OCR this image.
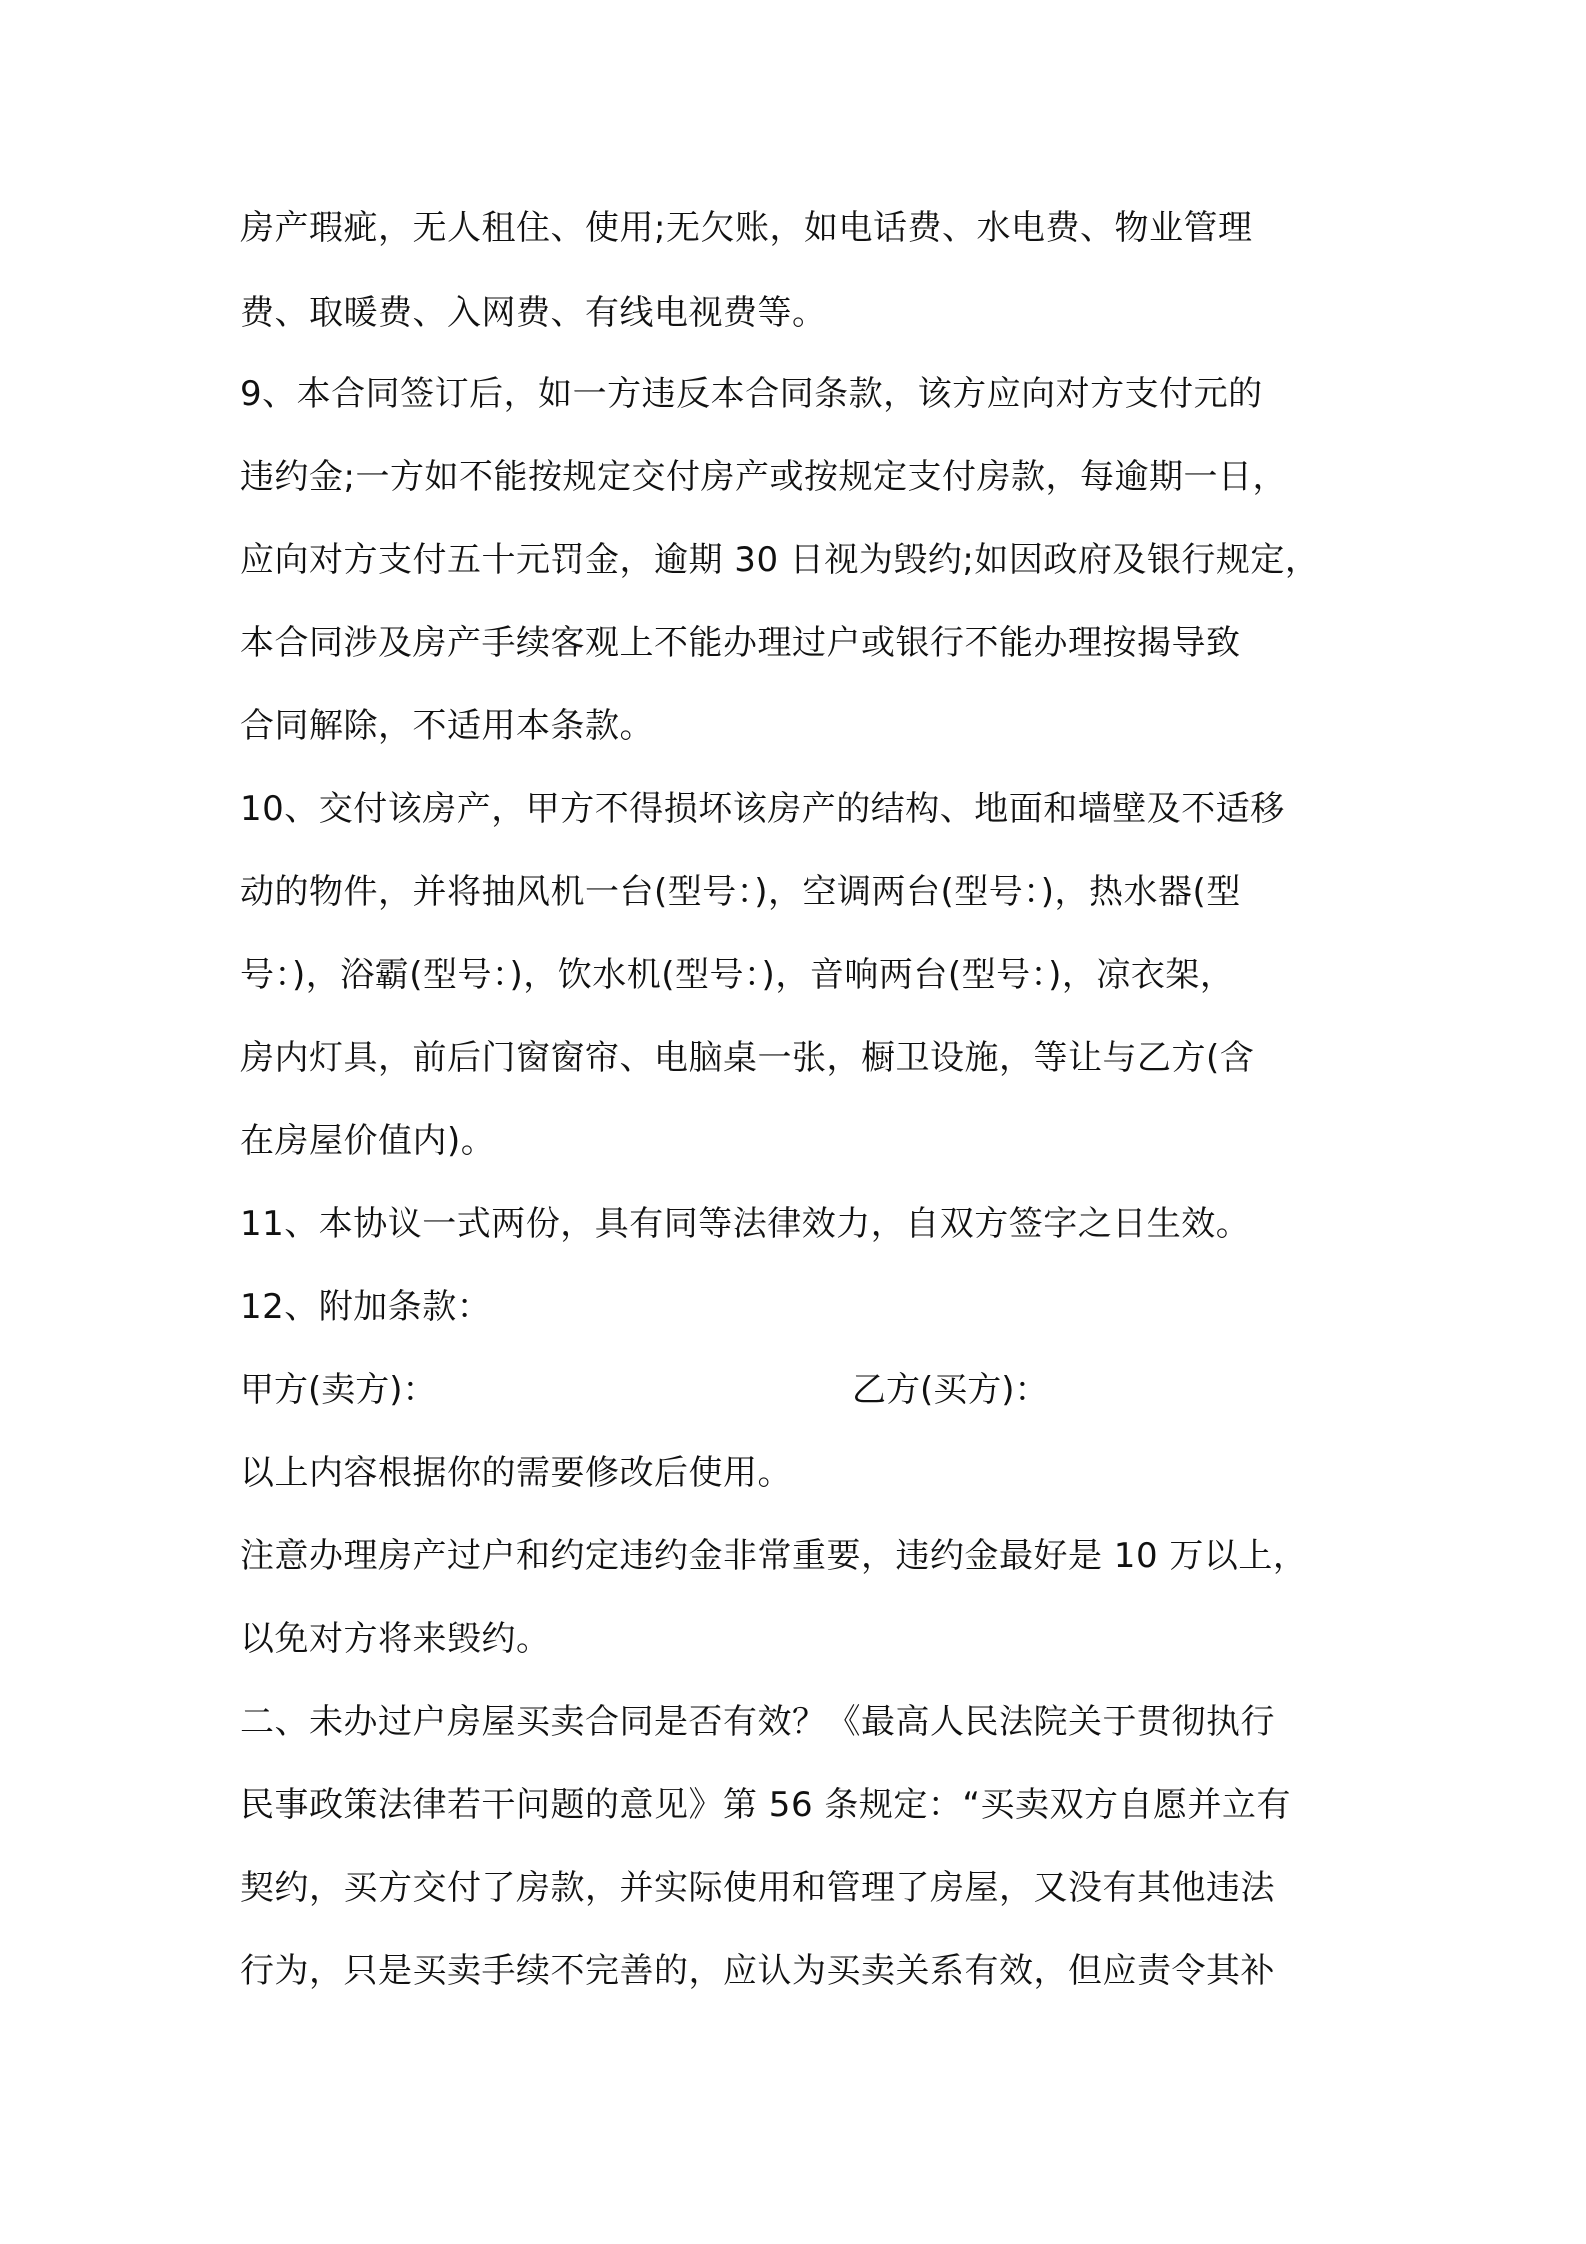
房产瑕疵，无人租住、使用;无欠账，如电话费、水电费、物业管理
费、取暖费、入网费、有线电视费等。
9、本合同签订后，如一方违反本合同条款，该方应向对方支付元的
违约金;一方如不能按规定交付房产或按规定支付房款，每逾期一日，
应向对方支付五十元罚金，逾期 30 日视为毁约;如因政府及银行规定，
本合同涉及房产手续客观上不能办理过户或银行不能办理按揭导致
合同解除，不适用本条款。
10、交付该房产，甲方不得损坏该房产的结构、地面和墙壁及不适移
动的物件，并将抽风机一台(型号：)，空调两台(型号：)，热水器(型
号：)，浴霸(型号：)，饮水机(型号：)，音响两台(型号：)，凉衣架，
房内灯具，前后门窗窗帘、电脑桌一张，橱卫设施，等让与乙方(含
在房屋价值内)。
11、本协议一式两份，具有同等法律效力，自双方签字之日生效。
12、附加条款：
甲方(卖方)：	乙方(买方)：
以上内容根据你的需要修改后使用。
注意办理房产过户和约定违约金非常重要，违约金最好是 10 万以上，
以免对方将来毁约。
二、未办过户房屋买卖合同是否有效？《最高人民法院关于贯彻执行
民事政策法律若干问题的意见》第 56 条规定：“买卖双方自愿并立有
契约，买方交付了房款，并实际使用和管理了房屋，又没有其他违法
行为，只是买卖手续不完善的，应认为买卖关系有效，但应责令其补
